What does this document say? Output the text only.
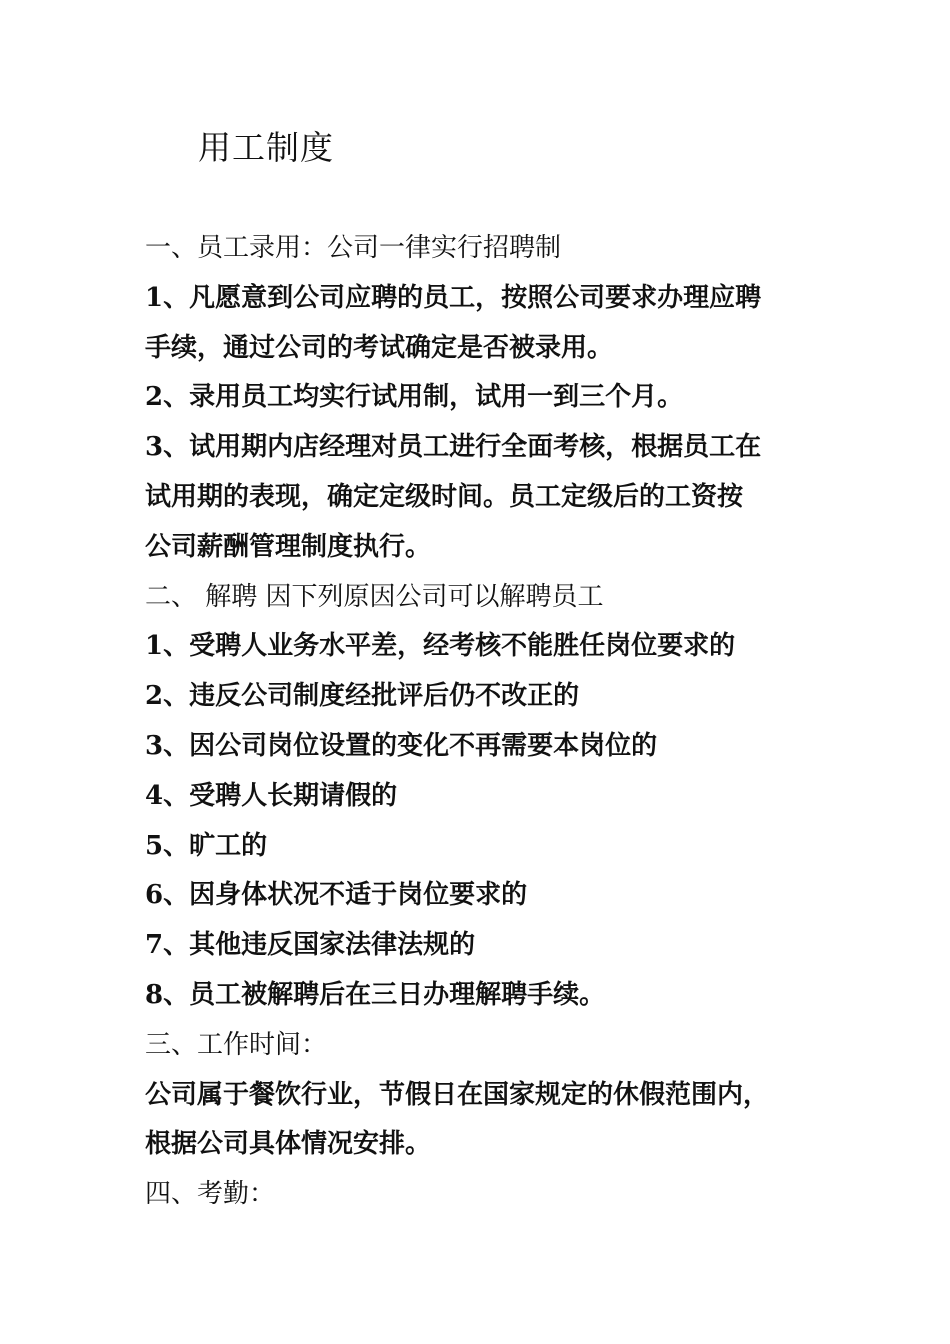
用工制度
一、员工录用：公司一律实行招聘制
1、凡愿意到公司应聘的员工，按照公司要求办理应聘
手续，通过公司的考试确定是否被录用。
2、录用员工均实行试用制，试用一到三个月。
3、试用期内店经理对员工进行全面考核，根据员工在
试用期的表现，确定定级时间。员工定级后的工资按
公司薪酬管理制度执行。
二、 解聘 因下列原因公司可以解聘员工
1、受聘人业务水平差，经考核不能胜任岗位要求的
2、违反公司制度经批评后仍不改正的
3、因公司岗位设置的变化不再需要本岗位的
4、受聘人长期请假的
5、旷工的
6、因身体状况不适于岗位要求的
7、其他违反国家法律法规的
8、员工被解聘后在三日办理解聘手续。
三、工作时间：
公司属于餐饮行业，节假日在国家规定的休假范围内，
根据公司具体情况安排。
四、考勤：
